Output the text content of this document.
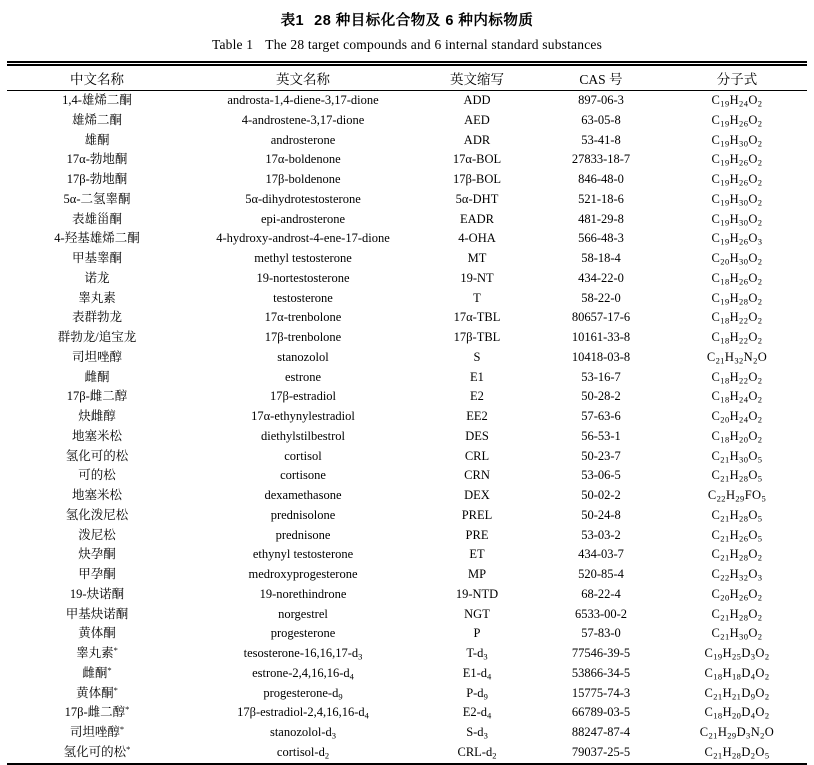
表1 28 种目标化合物及 6 种内标物质
Table 1 The 28 target compounds and 6 internal standard substances
中文名称	英文名称	英文缩写	CAS 号	分子式
1,4-雄烯二酮	androsta-1,4-diene-3,17-dione	ADD	897-06-3	$C_{19}H_{24}O_2$
雄烯二酮	4-androstene-3,17-dione	AED	63-05-8	$C_{19}H_{26}O_2$
雄酮	androsterone	ADR	53-41-8	$C_{19}H_{30}O_2$
17α-勃地酮	17α-boldenone	17α-BOL	27833-18-7	$C_{19}H_{26}O_2$
17β-勃地酮	17β-boldenone	17β-BOL	846-48-0	$C_{19}H_{26}O_2$
5α-二氢睾酮	5α-dihydrotestosterone	5α-DHT	521-18-6	$C_{19}H_{30}O_2$
表雄甾酮	epi-androsterone	EADR	481-29-8	$C_{19}H_{30}O_2$
4-羟基雄烯二酮	4-hydroxy-androst-4-ene-17-dione	4-OHA	566-48-3	$C_{19}H_{26}O_3$
甲基睾酮	methyl testosterone	MT	58-18-4	$C_{20}H_{30}O_2$
诺龙	19-nortestosterone	19-NT	434-22-0	$C_{18}H_{26}O_2$
睾丸素	testosterone	T	58-22-0	$C_{19}H_{28}O_2$
表群勃龙	17α-trenbolone	17α-TBL	80657-17-6	$C_{18}H_{22}O_2$
群勃龙/追宝龙	17β-trenbolone	17β-TBL	10161-33-8	$C_{18}H_{22}O_2$
司坦唑醇	stanozolol	S	10418-03-8	$C_{21}H_{32}N_2O$
雌酮	estrone	E1	53-16-7	$C_{18}H_{22}O_2$
17β-雌二醇	17β-estradiol	E2	50-28-2	$C_{18}H_{24}O_2$
炔雌醇	17α-ethynylestradiol	EE2	57-63-6	$C_{20}H_{24}O_2$
地塞米松	diethylstilbestrol	DES	56-53-1	$C_{18}H_{20}O_2$
氢化可的松	cortisol	CRL	50-23-7	$C_{21}H_{30}O_5$
可的松	cortisone	CRN	53-06-5	$C_{21}H_{28}O_5$
地塞米松	dexamethasone	DEX	50-02-2	$C_{22}H_{29}FO_5$
氢化泼尼松	prednisolone	PREL	50-24-8	$C_{21}H_{28}O_5$
泼尼松	prednisone	PRE	53-03-2	$C_{21}H_{26}O_5$
炔孕酮	ethynyl testosterone	ET	434-03-7	$C_{21}H_{28}O_2$
甲孕酮	medroxyprogesterone	MP	520-85-4	$C_{22}H_{32}O_3$
19-炔诺酮	19-norethindrone	19-NTD	68-22-4	$C_{20}H_{26}O_2$
甲基炔诺酮	norgestrel	NGT	6533-00-2	$C_{21}H_{28}O_2$
黄体酮	progesterone	P	57-83-0	$C_{21}H_{30}O_2$
睾丸素*	tesosterone-$16,16,17-d_3$	$T-d_3$	77546-39-5	$C_{19}H_{25}D_3O_2$
雌酮*	estrone-$2,4,16,16-d_4$	$E1-d_4$	53866-34-5	$C_{18}H_{18}D_4O_2$
黄体酮*	progesterone-$d_9$	$P-d_9$	15775-74-3	$C_{21}H_{21}D_9O_2$
17β-雌二醇*	$17\beta-estradiol-2,4,16,16-d_4$	$E2-d_4$	66789-03-5	$C_{18}H_{20}D_4O_2$
司坦唑醇*	stanozolol-$d_3$	$S-d_3$	88247-87-4	$C_{21}H_{29}D_3N_2O$
氢化可的松*	cortisol-$d_2$	CRL-$d_2$	79037-25-5	$C_{21}H_{28}D_2O_5$
